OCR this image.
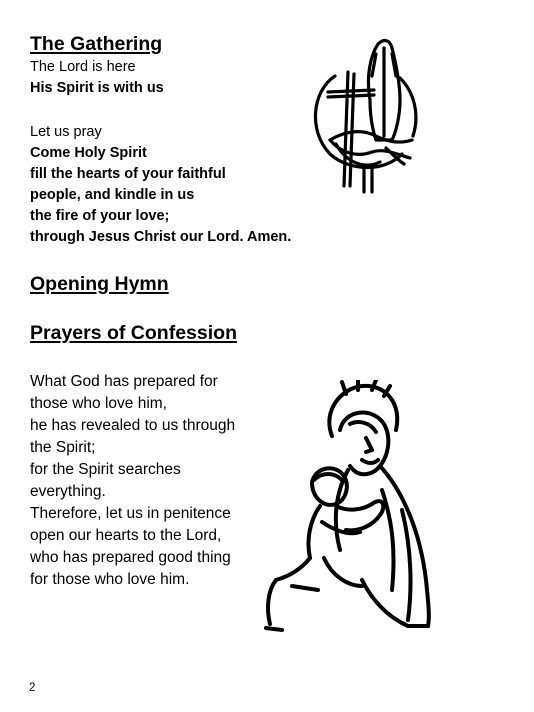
The Gathering
The Lord is here
His Spirit is with us
Let us pray
Come Holy Spirit
fill the hearts of your faithful
people, and kindle in us
the fire of your love;
through Jesus Christ our Lord. Amen.
Opening Hymn
Prayers of Confession
What God has prepared for
those who love him,
he has revealed to us through
the Spirit;
for the Spirit searches
everything.
Therefore, let us in penitence
open our hearts to the Lord,
who has prepared good thing
for those who love him.
2
